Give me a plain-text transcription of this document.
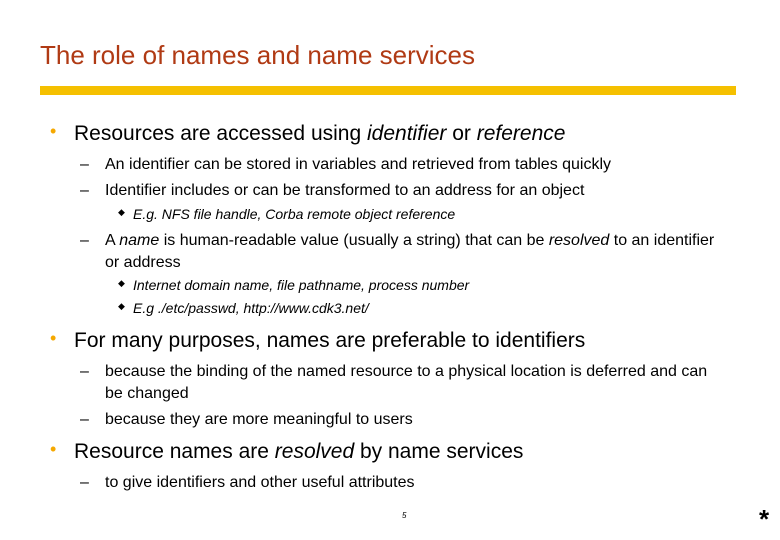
The role of names and name services
• Resources are accessed using identifier or reference
– An identifier can be stored in variables and retrieved from tables quickly
– Identifier includes or can be transformed to an address for an object
◆ E.g. NFS file handle, Corba remote object reference
– A name is human-readable value (usually a string) that can be resolved to an identifier or address
◆ Internet domain name, file pathname, process number
◆ E.g ./etc/passwd, http://www.cdk3.net/
• For many purposes, names are preferable to identifiers
– because the binding of the named resource to a physical location is deferred and can be changed
– because they are more meaningful to users
• Resource names are resolved by name services
– to give identifiers and other useful attributes
5	*
